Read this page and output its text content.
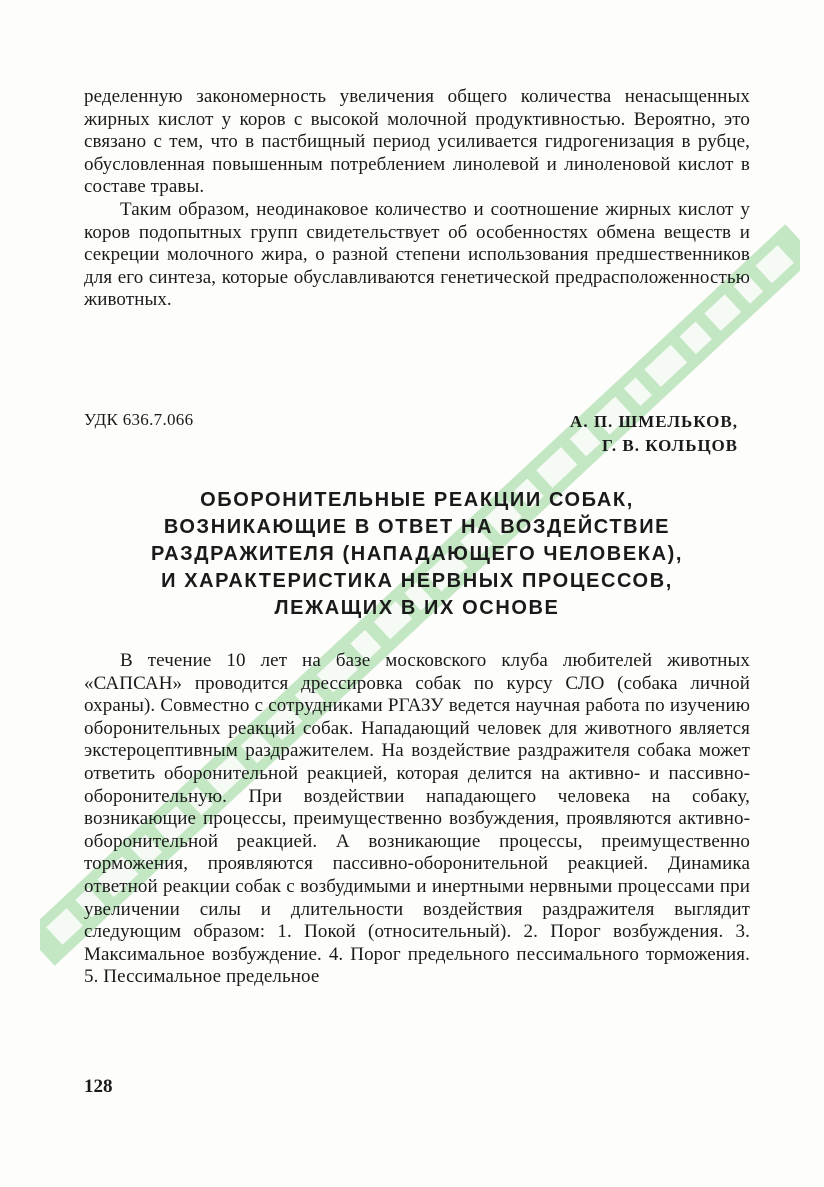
ределенную закономерность увеличения общего количества ненасыщенных жирных кислот у коров с высокой молочной продуктивностью. Вероятно, это связано с тем, что в пастбищный период усиливается гидрогенизация в рубце, обусловленная повышенным потреблением линолевой и линоленовой кислот в составе травы.

Таким образом, неодинаковое количество и соотношение жирных кислот у коров подопытных групп свидетельствует об особенностях обмена веществ и секреции молочного жира, о разной степени использования предшественников для его синтеза, которые обуславливаются генетической предрасположенностью животных.

УДК 636.7.066	А. П. ШМЕЛЬКОВ,
Г. В. КОЛЬЦОВ
ОБОРОНИТЕЛЬНЫЕ РЕАКЦИИ СОБАК,
ВОЗНИКАЮЩИЕ В ОТВЕТ НА ВОЗДЕЙСТВИЕ
РАЗДРАЖИТЕЛЯ (НАПАДАЮЩЕГО ЧЕЛОВЕКА),
И ХАРАКТЕРИСТИКА НЕРВНЫХ ПРОЦЕССОВ,
ЛЕЖАЩИХ В ИХ ОСНОВЕ

В течение 10 лет на базе московского клуба любителей животных «САПСАН» проводится дрессировка собак по курсу СЛО (собака личной охраны). Совместно с сотрудниками РГАЗУ ведется научная работа по изучению оборонительных реакций собак. Нападающий человек для животного является экстероцептивным раздражителем. На воздействие раздражителя собака может ответить оборонительной реакцией, которая делится на активно- и пассивно-оборонительную. При воздействии нападающего человека на собаку, возникающие процессы, преимущественно возбуждения, проявляются активно-оборонительной реакцией. А возникающие процессы, преимущественно торможения, проявляются пассивно-оборонительной реакцией. Динамика ответной реакции собак с возбудимыми и инертными нервными процессами при увеличении силы и длительности воздействия раздражителя выглядит следующим образом: 1. Покой (относительный). 2. Порог возбуждения. 3. Максимальное возбуждение. 4. Порог предельного пессимального торможения. 5. Пессимальное предельное

128
